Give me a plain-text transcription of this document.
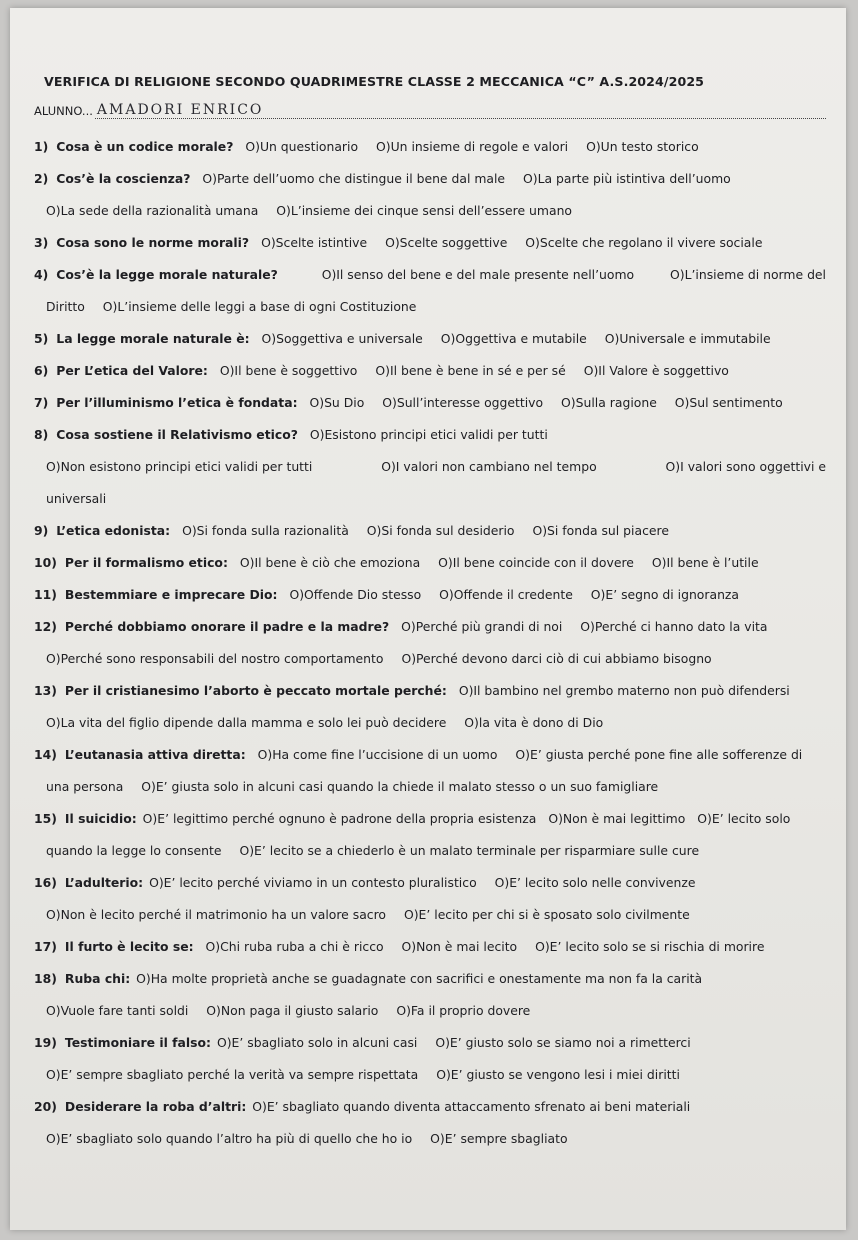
VERIFICA DI RELIGIONE SECONDO QUADRIMESTRE CLASSE 2 MECCANICA “C” A.S.2024/2025
ALUNNO... AMADORI ENRICO
1) Cosa è un codice morale? O)Un questionario O)Un insieme di regole e valori O)Un testo storico
2) Cos’è la coscienza? O)Parte dell’uomo che distingue il bene dal male O)La parte più istintiva dell’uomo
O)La sede della razionalità umana O)L’insieme dei cinque sensi dell’essere umano
3) Cosa sono le norme morali? O)Scelte istintive O)Scelte soggettive O)Scelte che regolano il vivere sociale
4) Cos’è la legge morale naturale?	O)Il senso del bene e del male presente nell’uomo	O)L’insieme di norme del
Diritto O)L’insieme delle leggi a base di ogni Costituzione
5) La legge morale naturale è: O)Soggettiva e universale O)Oggettiva e mutabile O)Universale e immutabile
6) Per L’etica del Valore: O)Il bene è soggettivo O)Il bene è bene in sé e per sé O)Il Valore è soggettivo
7) Per l’illuminismo l’etica è fondata: O)Su Dio O)Sull’interesse oggettivo O)Sulla ragione O)Sul sentimento
8) Cosa sostiene il Relativismo etico? O)Esistono principi etici validi per tutti
O)Non esistono principi etici validi per tutti	O)I valori non cambiano nel tempo	O)I valori sono oggettivi e
universali
9) L’etica edonista: O)Si fonda sulla razionalità O)Si fonda sul desiderio O)Si fonda sul piacere
10) Per il formalismo etico: O)Il bene è ciò che emoziona O)Il bene coincide con il dovere O)Il bene è l’utile
11) Bestemmiare e imprecare Dio: O)Offende Dio stesso O)Offende il credente O)E’ segno di ignoranza
12) Perché dobbiamo onorare il padre e la madre? O)Perché più grandi di noi O)Perché ci hanno dato la vita
O)Perché sono responsabili del nostro comportamento O)Perché devono darci ciò di cui abbiamo bisogno
13) Per il cristianesimo l’aborto è peccato mortale perché: O)Il bambino nel grembo materno non può difendersi
O)La vita del figlio dipende dalla mamma e solo lei può decidere O)la vita è dono di Dio
14) L’eutanasia attiva diretta: O)Ha come fine l’uccisione di un uomo O)E’ giusta perché pone fine alle sofferenze di
una persona O)E’ giusta solo in alcuni casi quando la chiede il malato stesso o un suo famigliare
15) Il suicidio: O)E’ legittimo perché ognuno è padrone della propria esistenza O)Non è mai legittimo O)E’ lecito solo
quando la legge lo consente O)E’ lecito se a chiederlo è un malato terminale per risparmiare sulle cure
16) L’adulterio: O)E’ lecito perché viviamo in un contesto pluralistico O)E’ lecito solo nelle convivenze
O)Non è lecito perché il matrimonio ha un valore sacro O)E’ lecito per chi si è sposato solo civilmente
17) Il furto è lecito se: O)Chi ruba ruba a chi è ricco O)Non è mai lecito O)E’ lecito solo se si rischia di morire
18) Ruba chi: O)Ha molte proprietà anche se guadagnate con sacrifici e onestamente ma non fa la carità
O)Vuole fare tanti soldi O)Non paga il giusto salario O)Fa il proprio dovere
19) Testimoniare il falso: O)E’ sbagliato solo in alcuni casi O)E’ giusto solo se siamo noi a rimetterci
O)E’ sempre sbagliato perché la verità va sempre rispettata O)E’ giusto se vengono lesi i miei diritti
20) Desiderare la roba d’altri: O)E’ sbagliato quando diventa attaccamento sfrenato ai beni materiali
O)E’ sbagliato solo quando l’altro ha più di quello che ho io O)E’ sempre sbagliato
